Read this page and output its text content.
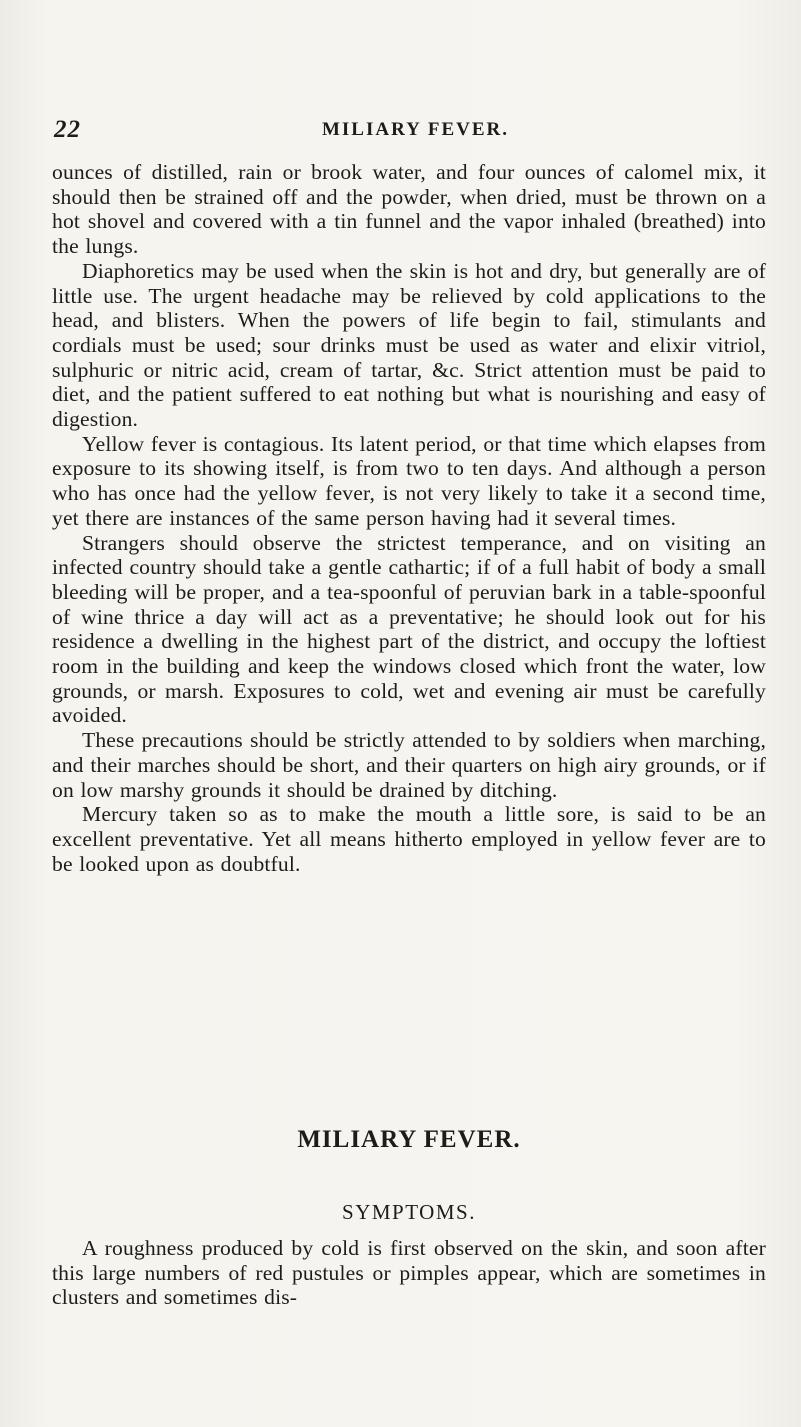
22	MILIARY FEVER.

ounces of distilled, rain or brook water, and four ounces of calomel mix, it should then be strained off and the powder, when dried, must be thrown on a hot shovel and covered with a tin funnel and the vapor inhaled (breathed) into the lungs.

Diaphoretics may be used when the skin is hot and dry, but generally are of little use. The urgent headache may be relieved by cold applications to the head, and blisters. When the powers of life begin to fail, stimulants and cordials must be used; sour drinks must be used as water and elixir vitriol, sulphuric or nitric acid, cream of tartar, &c. Strict attention must be paid to diet, and the patient suffered to eat nothing but what is nourishing and easy of digestion.

Yellow fever is contagious. Its latent period, or that time which elapses from exposure to its showing itself, is from two to ten days. And although a person who has once had the yellow fever, is not very likely to take it a second time, yet there are instances of the same person having had it several times.

Strangers should observe the strictest temperance, and on visiting an infected country should take a gentle cathartic; if of a full habit of body a small bleeding will be proper, and a tea-spoonful of peruvian bark in a table-spoonful of wine thrice a day will act as a preventative; he should look out for his residence a dwelling in the highest part of the district, and occupy the loftiest room in the building and keep the windows closed which front the water, low grounds, or marsh. Exposures to cold, wet and evening air must be carefully avoided.

These precautions should be strictly attended to by soldiers when marching, and their marches should be short, and their quarters on high airy grounds, or if on low marshy grounds it should be drained by ditching.

Mercury taken so as to make the mouth a little sore, is said to be an excellent preventative. Yet all means hitherto employed in yellow fever are to be looked upon as doubtful.

MILIARY FEVER.
SYMPTOMS.

A roughness produced by cold is first observed on the skin, and soon after this large numbers of red pustules or pimples appear, which are sometimes in clusters and sometimes dis-
